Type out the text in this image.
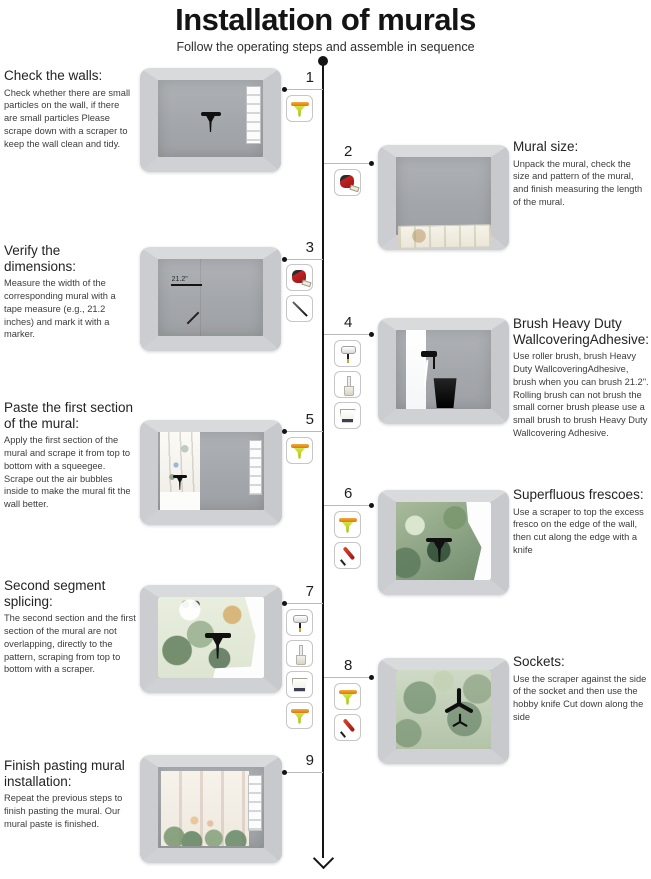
Installation of murals

Follow the operating steps and assemble in sequence

Check the walls:

Check whether there are small particles on the wall, if there are small particles Please scrape down with a scraper to keep the wall clean and tidy.

1
Mural size:

Unpack the mural, check the size and pattern of the mural, and finish measuring the length of the mural.

2
Verify the dimensions:

Measure the width of the corresponding mural with a tape measure (e.g., 21.2 inches) and mark it with a marker.

21.2"
3
Brush Heavy Duty WallcoveringAdhesive:

Use roller brush, brush Heavy Duty WallcoveringAdhesive, brush when you can brush 21.2". Rolling brush can not brush the small corner brush please use a small brush to brush Heavy Duty Wallcovering Adhesive.

4
Paste the first section of the mural:

Apply the first section of the mural and scrape it from top to bottom with a squeegee. Scrape out the air bubbles inside to make the mural fit the wall better.

5
Superfluous frescoes:

Use a scraper to top the excess fresco on the edge of the wall, then cut along the edge with a knife

6
Second segment splicing:

The second section and the first section of the mural are not overlapping, directly to the pattern, scraping from top to bottom with a scraper.

7
Sockets:

Use the scraper against the side of the socket and then use the hobby knife Cut down along the side

8
Finish pasting mural installation:

Repeat the previous steps to finish pasting the mural. Our mural paste is finished.

9
